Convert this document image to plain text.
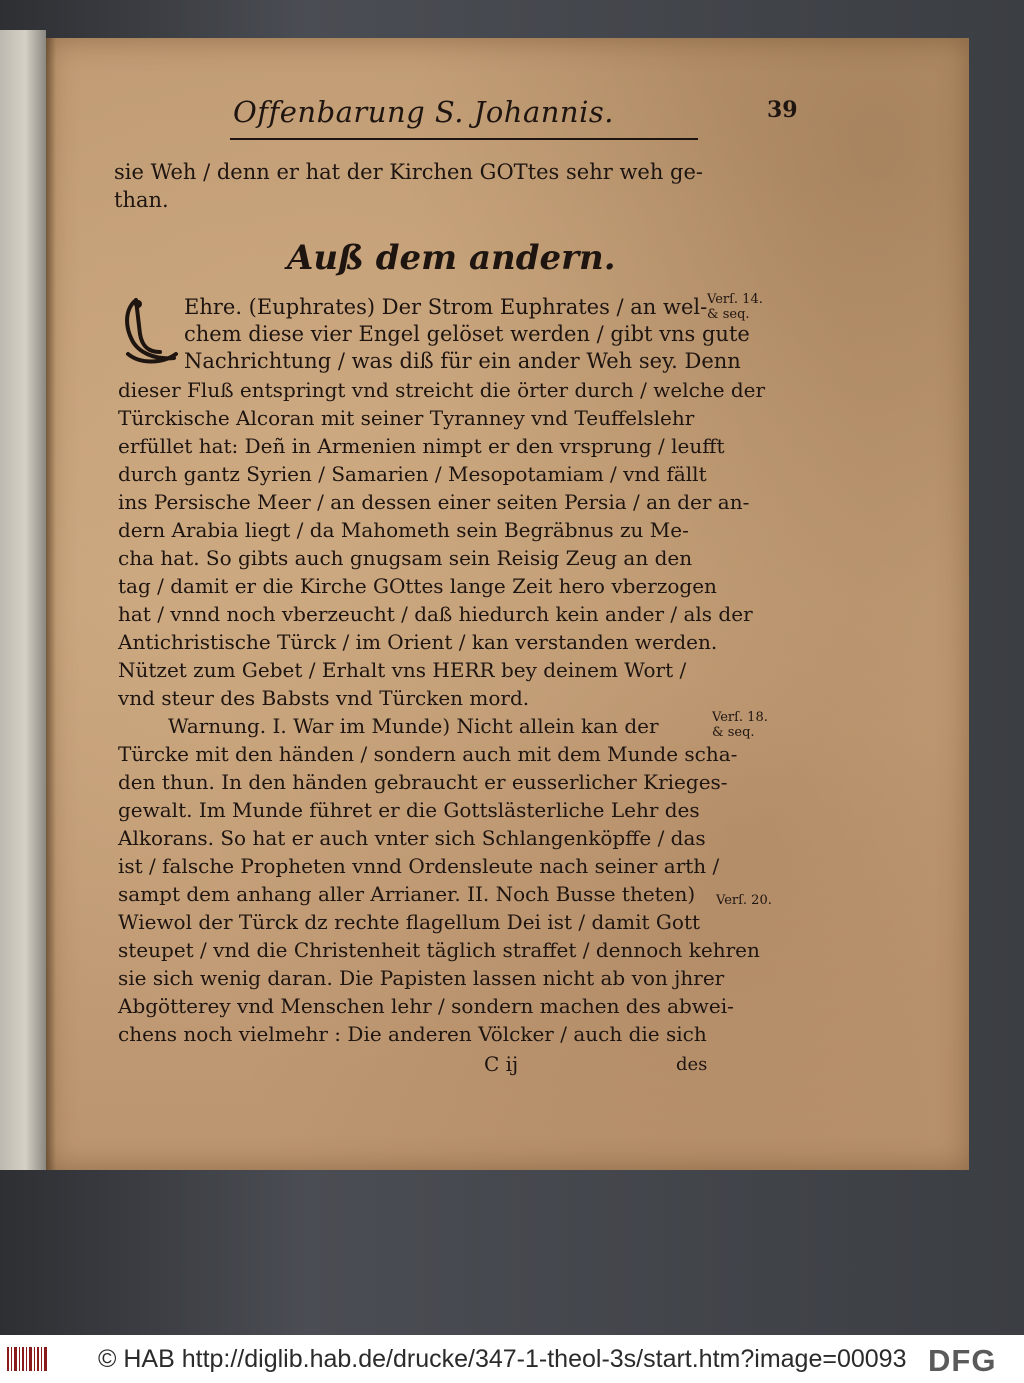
Offenbarung S. Johannis.	39
sie Weh / denn er hat der Kirchen GOTtes sehr weh ge-
than.
Auß dem andern.
Ehre. (Euphrates) Der Strom Euphrates / an wel-
chem diese vier Engel gelöset werden / gibt vns gute
Nachrichtung / was diß für ein ander Weh sey. Denn
dieser Fluß entspringt vnd streicht die örter durch / welche der
Türckische Alcoran mit seiner Tyranney vnd Teuffelslehr
erfüllet hat: Deñ in Armenien nimpt er den vrsprung / leufft
durch gantz Syrien / Samarien / Mesopotamiam / vnd fällt
ins Persische Meer / an dessen einer seiten Persia / an der an-
dern Arabia liegt / da Mahometh sein Begräbnus zu Me-
cha hat. So gibts auch gnugsam sein Reisig Zeug an den
tag / damit er die Kirche GOttes lange Zeit hero vberzogen
hat / vnnd noch vberzeucht / daß hiedurch kein ander / als der
Antichristische Türck / im Orient / kan verstanden werden.
Nützet zum Gebet / Erhalt vns HERR bey deinem Wort /
vnd steur des Babsts vnd Türcken mord.
Warnung. I. War im Munde) Nicht allein kan der
Türcke mit den händen / sondern auch mit dem Munde scha-
den thun. In den händen gebraucht er eusserlicher Krieges-
gewalt. Im Munde führet er die Gottslästerliche Lehr des
Alkorans. So hat er auch vnter sich Schlangenköpffe / das
ist / falsche Propheten vnnd Ordensleute nach seiner arth /
sampt dem anhang aller Arrianer. II. Noch Busse theten)
Wiewol der Türck dz rechte flagellum Dei ist / damit Gott
steupet / vnd die Christenheit täglich straffet / dennoch kehren
sie sich wenig daran. Die Papisten lassen nicht ab von jhrer
Abgötterey vnd Menschen lehr / sondern machen des abwei-
chens noch vielmehr : Die anderen Völcker / auch die sich
C ij	des
Verſ. 14.
& seq.
Verſ. 18.
& seq.
Verſ. 20.
© HAB http://diglib.hab.de/drucke/347-1-theol-3s/start.htm?image=00093 DFG
